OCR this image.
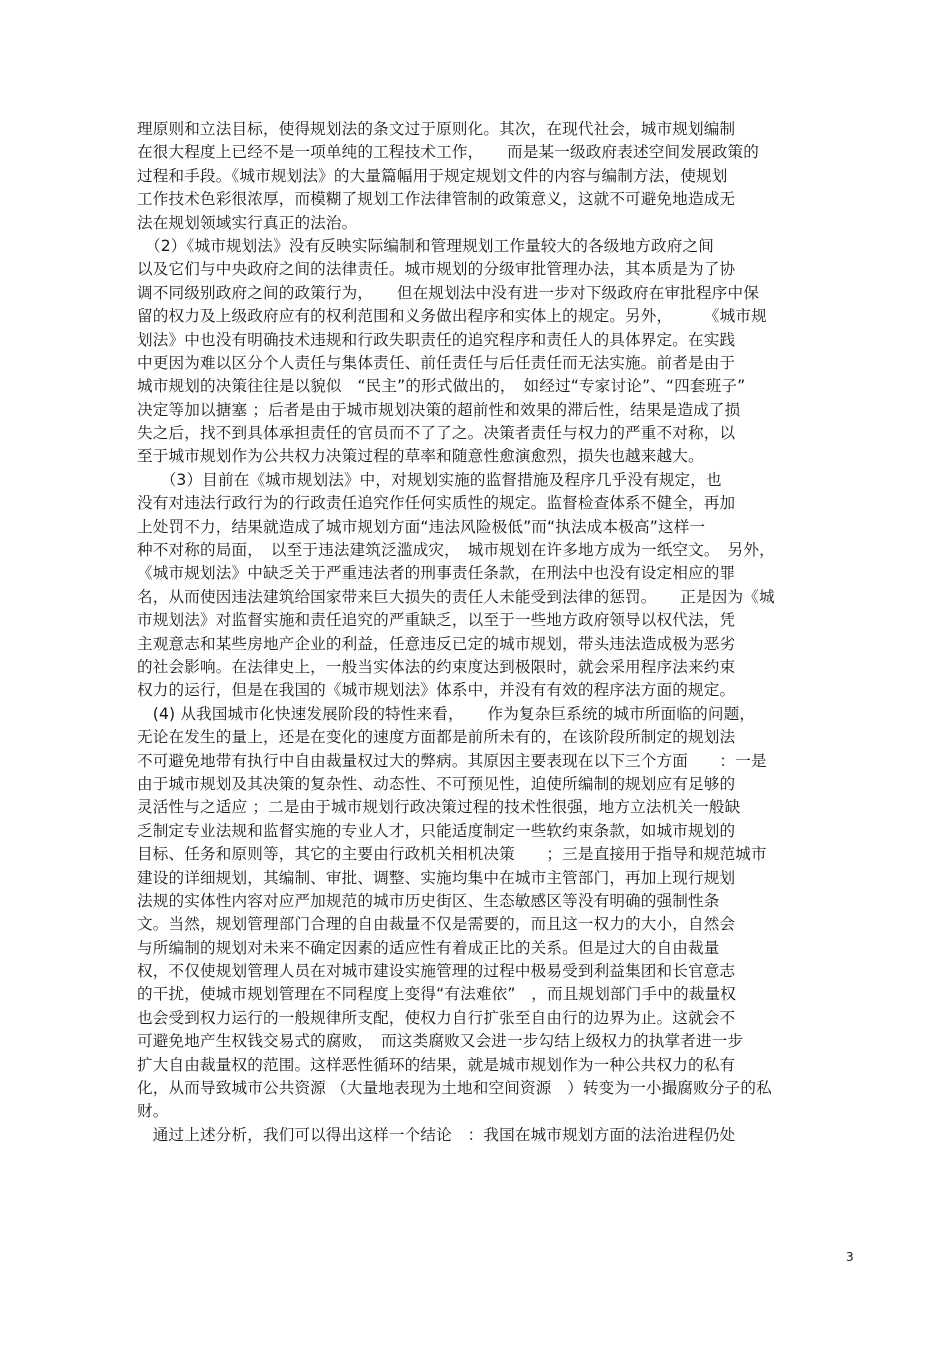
理原则和立法目标，使得规划法的条文过于原则化。其次，在现代社会，城市规划编制
在很大程度上已经不是一项单纯的工程技术工作，　　而是某一级政府表述空间发展政策的
过程和手段。《城市规划法》的大量篇幅用于规定规划文件的内容与编制方法，使规划
工作技术色彩很浓厚，而模糊了规划工作法律管制的政策意义，这就不可避免地造成无
法在规划领域实行真正的法治。
　（2）《城市规划法》没有反映实际编制和管理规划工作量较大的各级地方政府之间
以及它们与中央政府之间的法律责任。城市规划的分级审批管理办法，其本质是为了协
调不同级别政府之间的政策行为，　　但在规划法中没有进一步对下级政府在审批程序中保
留的权力及上级政府应有的权利范围和义务做出程序和实体上的规定。另外，　　　《城市规
划法》中也没有明确技术违规和行政失职责任的追究程序和责任人的具体界定。在实践
中更因为难以区分个人责任与集体责任、前任责任与后任责任而无法实施。前者是由于
城市规划的决策往往是以貌似　“民主”的形式做出的，　如经过“专家讨论”、“四套班子”
决定等加以搪塞 ；后者是由于城市规划决策的超前性和效果的滞后性，结果是造成了损
失之后，找不到具体承担责任的官员而不了了之。决策者责任与权力的严重不对称，以
至于城市规划作为公共权力决策过程的草率和随意性愈演愈烈，损失也越来越大。
　　（3）目前在《城市规划法》中，对规划实施的监督措施及程序几乎没有规定，也
没有对违法行政行为的行政责任追究作任何实质性的规定。监督检查体系不健全，再加
上处罚不力，结果就造成了城市规划方面“违法风险极低”而“执法成本极高”这样一
种不对称的局面，　以至于违法建筑泛滥成灾，　城市规划在许多地方成为一纸空文。　另外，
《城市规划法》中缺乏关于严重违法者的刑事责任条款，在刑法中也没有设定相应的罪
名，从而使因违法建筑给国家带来巨大损失的责任人未能受到法律的惩罚。　　正是因为《城
市规划法》对监督实施和责任追究的严重缺乏，以至于一些地方政府领导以权代法，凭
主观意志和某些房地产企业的利益，任意违反已定的城市规划，带头违法造成极为恶劣
的社会影响。在法律史上，一般当实体法的约束度达到极限时，就会采用程序法来约束
权力的运行，但是在我国的《城市规划法》体系中，并没有有效的程序法方面的规定。
　(4) 从我国城市化快速发展阶段的特性来看，　　作为复杂巨系统的城市所面临的问题，
无论在发生的量上，还是在变化的速度方面都是前所未有的，在该阶段所制定的规划法
不可避免地带有执行中自由裁量权过大的弊病。其原因主要表现在以下三个方面　　：一是
由于城市规划及其决策的复杂性、动态性、不可预见性，迫使所编制的规划应有足够的
灵活性与之适应 ；二是由于城市规划行政决策过程的技术性很强，地方立法机关一般缺
乏制定专业法规和监督实施的专业人才，只能适度制定一些软约束条款，如城市规划的
目标、任务和原则等，其它的主要由行政机关相机决策　　；三是直接用于指导和规范城市
建设的详细规划，其编制、审批、调整、实施均集中在城市主管部门，再加上现行规划
法规的实体性内容对应严加规范的城市历史街区、生态敏感区等没有明确的强制性条
文。当然，规划管理部门合理的自由裁量不仅是需要的，而且这一权力的大小，自然会
与所编制的规划对未来不确定因素的适应性有着成正比的关系。但是过大的自由裁量
权，不仅使规划管理人员在对城市建设实施管理的过程中极易受到利益集团和长官意志
的干扰，使城市规划管理在不同程度上变得“有法难依”　，而且规划部门手中的裁量权
也会受到权力运行的一般规律所支配，使权力自行扩张至自由行的边界为止。这就会不
可避免地产生权钱交易式的腐败，　而这类腐败又会进一步勾结上级权力的执掌者进一步
扩大自由裁量权的范围。这样恶性循环的结果，就是城市规划作为一种公共权力的私有
化，从而导致城市公共资源 （大量地表现为土地和空间资源　）转变为一小撮腐败分子的私
财。
　通过上述分析，我们可以得出这样一个结论　：我国在城市规划方面的法治进程仍处
3
